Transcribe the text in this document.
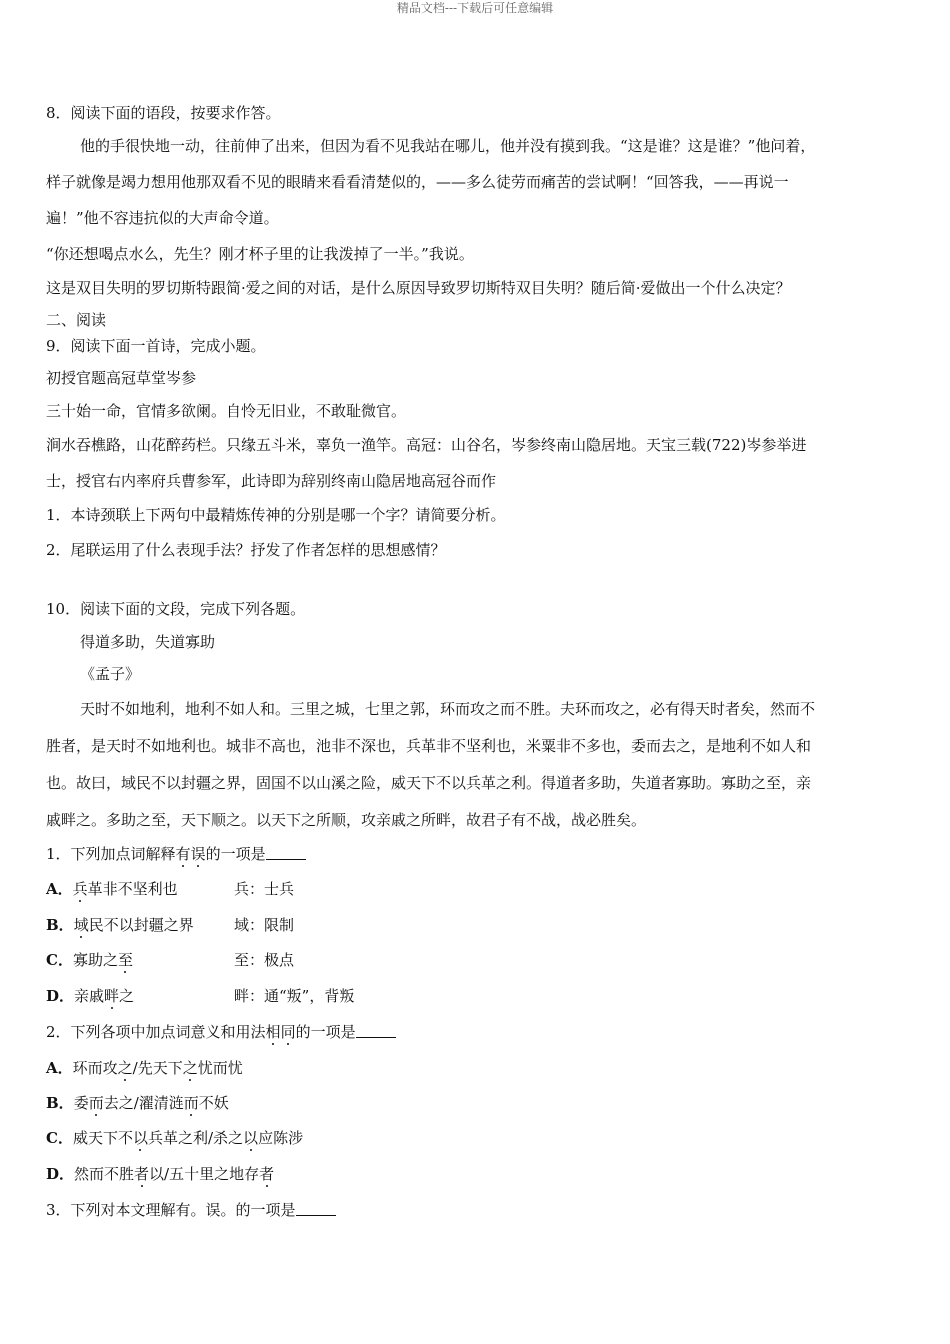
精品文档---下载后可任意编辑
8．阅读下面的语段，按要求作答。
他的手很快地一动，往前伸了出来，但因为看不见我站在哪儿，他并没有摸到我。“这是谁？这是谁？”他问着，
样子就像是竭力想用他那双看不见的眼睛来看看清楚似的，——多么徒劳而痛苦的尝试啊！“回答我，——再说一
遍！”他不容违抗似的大声命令道。
“你还想喝点水么，先生？刚才杯子里的让我泼掉了一半。”我说。
这是双目失明的罗切斯特跟简·爱之间的对话，是什么原因导致罗切斯特双目失明？随后简·爱做出一个什么决定？
二、阅读
9．阅读下面一首诗，完成小题。
初授官题高冠草堂岑参
三十始一命，官情多欲阑。自怜无旧业，不敢耻微官。
涧水吞樵路，山花醉药栏。只缘五斗米，辜负一渔竿。高冠：山谷名，岑参终南山隐居地。天宝三载(722)岑参举进
士，授官右内率府兵曹参军，此诗即为辞别终南山隐居地高冠谷而作
1．本诗颈联上下两句中最精炼传神的分别是哪一个字？请简要分析。
2．尾联运用了什么表现手法？抒发了作者怎样的思想感情？
10．阅读下面的文段，完成下列各题。
得道多助，失道寡助
《孟子》
天时不如地利，地利不如人和。三里之城，七里之郭，环而攻之而不胜。夫环而攻之，必有得天时者矣，然而不
胜者，是天时不如地利也。城非不高也，池非不深也，兵革非不坚利也，米粟非不多也，委而去之，是地利不如人和
也。故曰，域民不以封疆之界，固国不以山溪之险，威天下不以兵革之利。得道者多助，失道者寡助。寡助之至，亲
戚畔之。多助之至，天下顺之。以天下之所顺，攻亲戚之所畔，故君子有不战，战必胜矣。
1．下列加点词解释有误的一项是
A．兵革非不坚利也	兵：士兵
B．域民不以封疆之界	域：限制
C．寡助之至	至：极点
D．亲戚畔之	畔：通“叛”，背叛
2．下列各项中加点词意义和用法相同的一项是
A．环而攻之/先天下之忧而忧
B．委而去之/濯清涟而不妖
C．威天下不以兵革之利/杀之以应陈涉
D．然而不胜者以/五十里之地存者
3．下列对本文理解有。误。的一项是
